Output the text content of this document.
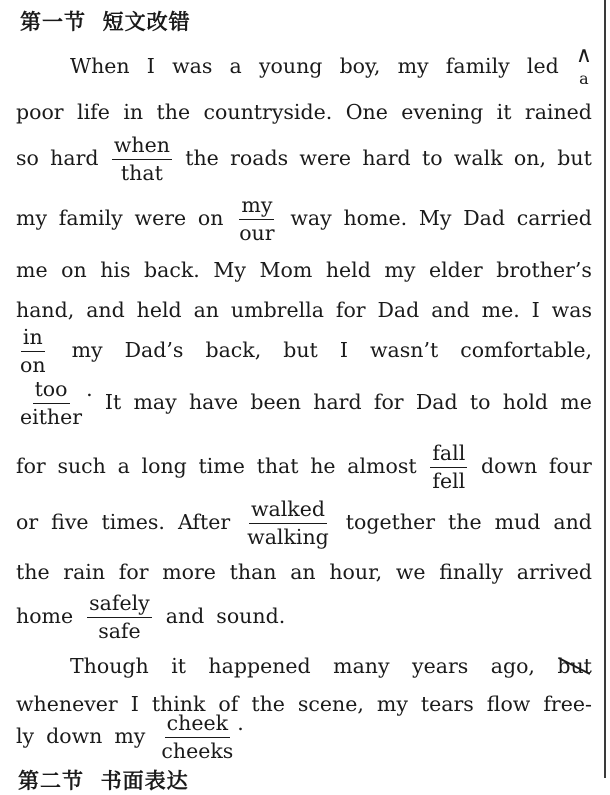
第一节  短文改错
When I was a young boy, my family led ∧
a
poor life in the countryside. One evening it rained
so hard $\frac{\text{when}}{\text{that}}$ the roads were hard to walk on, but
my family were on $\frac{my}{\text{our}}$ way home. My Dad carried
me on his back. My Mom held my elder brother’s
hand, and held an umbrella for Dad and me. I was
$\frac{in}{on}$ my Dad’s back, but I wasn’t comfortable,
$\frac{\text{too}}{\text{either}}$ .
It may have been hard for Dad to hold me
for such a long time that he almost $\frac{\text{fall}}{\text{fell}}$ down four
or five times. After $\frac{\text{walked}}{\text{walking}}$ together the mud and
the rain for more than an hour, we finally arrived
home $\frac{\text{safely}}{\text{safe}}$ and sound.
Though it happened many years ago, but
whenever I think of the scene, my tears flow free-
ly down my $\frac{\text{cheek}}{\text{cheeks}}$ .
第二节  书面表达
